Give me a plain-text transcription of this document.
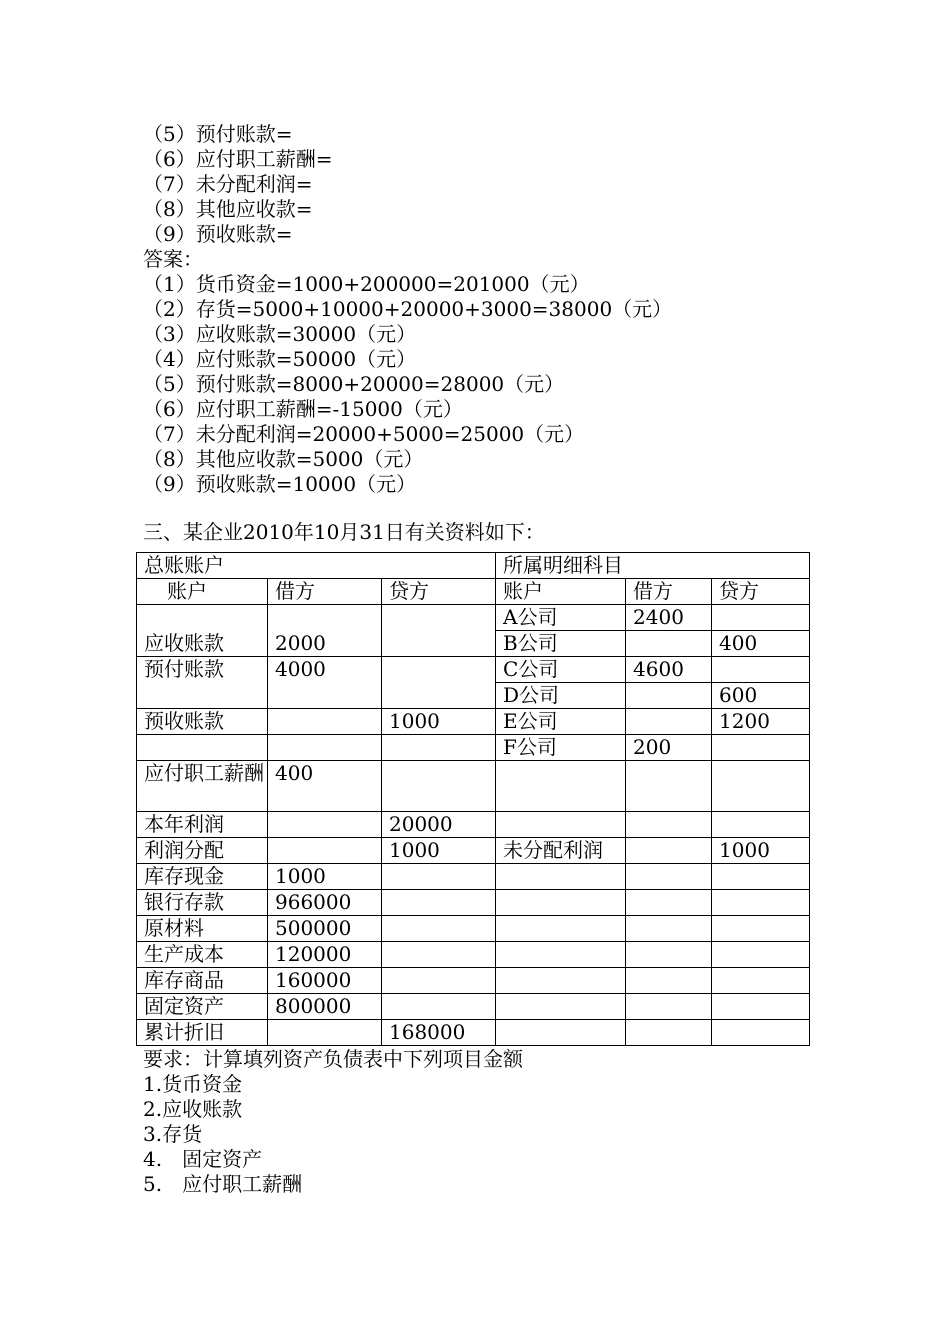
（5）预付账款=
（6）应付职工薪酬=
（7）未分配利润=
（8）其他应收款=
（9）预收账款=
答案：
（1）货币资金=1000+200000=201000（元）
（2）存货=5000+10000+20000+3000=38000（元）
（3）应收账款=30000（元）
（4）应付账款=50000（元）
（5）预付账款=8000+20000=28000（元）
（6）应付职工薪酬=-15000（元）
（7）未分配利润=20000+5000=25000（元）
（8）其他应收款=5000（元）
（9）预收账款=10000（元）
三、某企业2010年10月31日有关资料如下：
总账账户			所属明细科目		
账户	借方	贷方	账户	借方	贷方
应收账款	2000		A公司	2400	
			B公司		400
预付账款	4000		C公司	4600	
			D公司		600
预收账款		1000	E公司		1200
			F公司	200	
应付职工薪酬	400				
本年利润		20000			
利润分配		1000	未分配利润		1000
库存现金	1000				
银行存款	966000				
原材料	500000				
生产成本	120000				
库存商品	160000				
固定资产	800000				
累计折旧		168000			
要求：计算填列资产负债表中下列项目金额
1.货币资金
2.应收账款
3.存货
4.　固定资产
5.　应付职工薪酬
